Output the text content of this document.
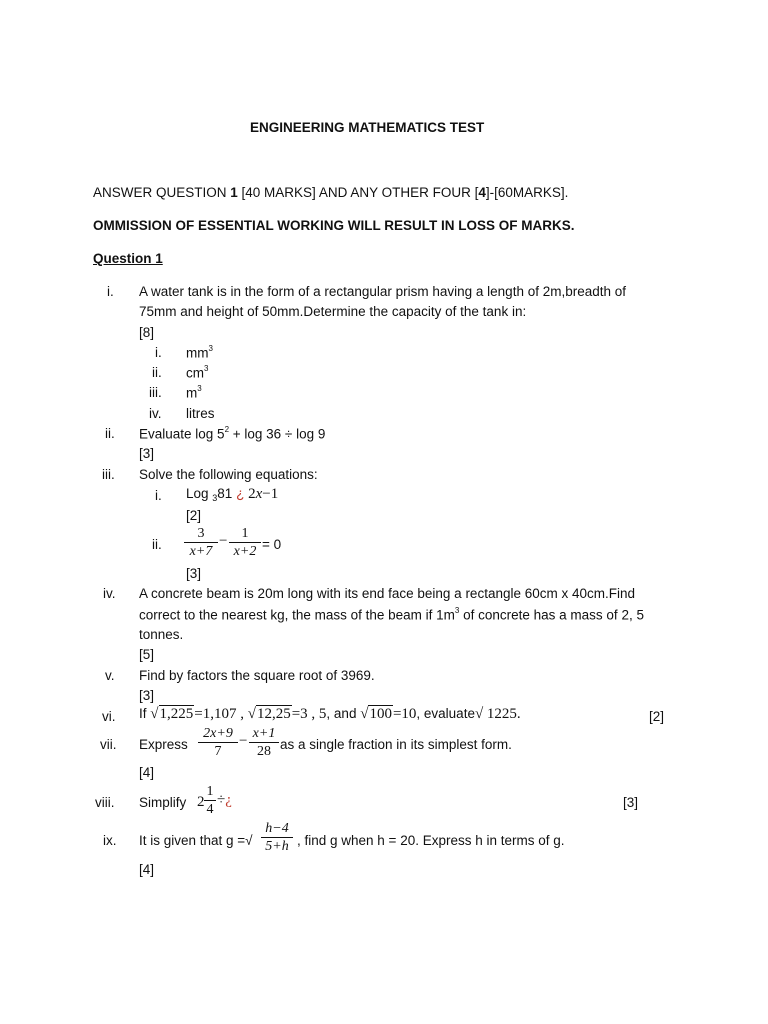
ENGINEERING MATHEMATICS TEST
ANSWER QUESTION 1 [40 MARKS] AND ANY OTHER FOUR [4]-[60MARKS].
OMMISSION OF ESSENTIAL WORKING WILL RESULT IN LOSS OF MARKS.
Question 1
i. A water tank is in the form of a rectangular prism having a length of 2m,breadth of
75mm and height of 50mm.Determine the capacity of the tank in:
[8]
i. $mm^3$
ii. $cm^3$
iii. $m^3$
iv. litres
ii. Evaluate $\log 5^2 + \log 36 \div \log 9$
[3]
iii. Solve the following equations:
i. Log $_3$81 ¿ 2x−1
[2]
ii. $\frac{3}{x+7} - \frac{1}{x+2} = 0$
[3]
iv. A concrete beam is 20m long with its end face being a rectangle 60cm x 40cm.Find
correct to the nearest kg, the mass of the beam if $1m^3$ of concrete has a mass of 2, 5
tonnes.
[5]
v. Find by factors the square root of 3969.
[3]
vi. If √1,225=1,107 , √12,25=3 , 5, and √100=10, evaluate√ 1225.	[2]
vii. Express $\frac{2x+9}{7} - \frac{x+1}{28}$ as a single fraction in its simplest form.
[4]
viii. Simplify $2 \frac{1}{4}$ ÷¿	[3]
ix. It is given that g =√ $\frac{h-4}{5+h}$ , find g when h = 20. Express h in terms of g.
[4]
